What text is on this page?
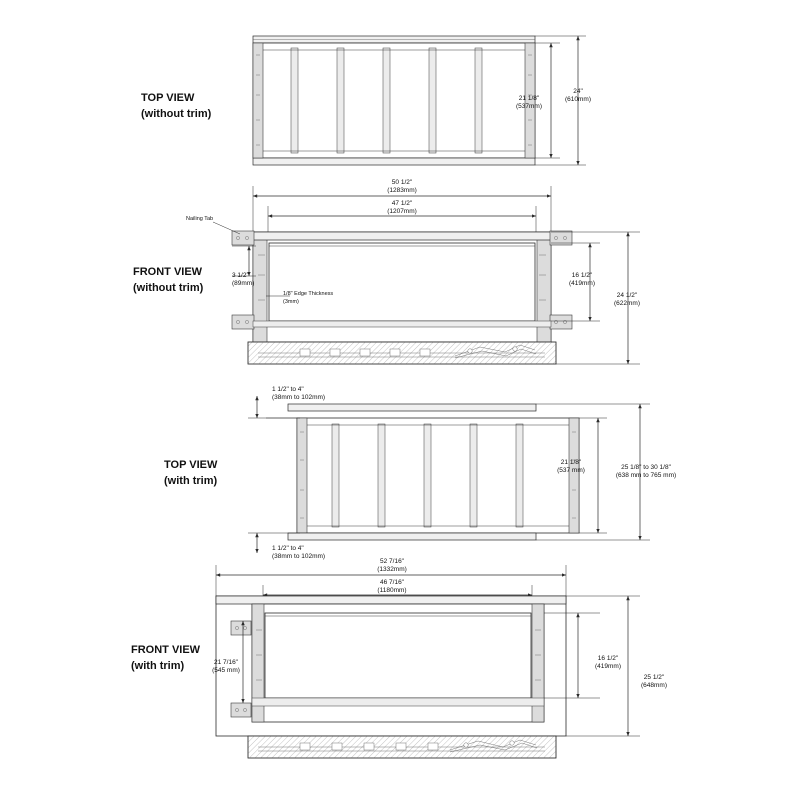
TOP VIEW
(without trim)
21 1/8"
(537mm)
24"
(610mm)
FRONT VIEW
(without trim)
Nailing Tab
1/8" Edge Thickness
(3mm)
50 1/2"
(1283mm)
47 1/2"
(1207mm)
3 1/2"
(89mm)
16 1/2"
(419mm)
24 1/2"
(622mm)
TOP VIEW
(with trim)
1 1/2" to 4"
(38mm to 102mm)
1 1/2" to 4"
(38mm to 102mm)
21 1/8"
(537 mm)	25 1/8" to 30 1/8"
(638 mm to 765 mm)
FRONT VIEW
(with trim)
52 7/16"
(1332mm)
46 7/16"
(1180mm)
21 7/16"
(545 mm)
16 1/2"
(419mm)
25 1/2"
(648mm)
